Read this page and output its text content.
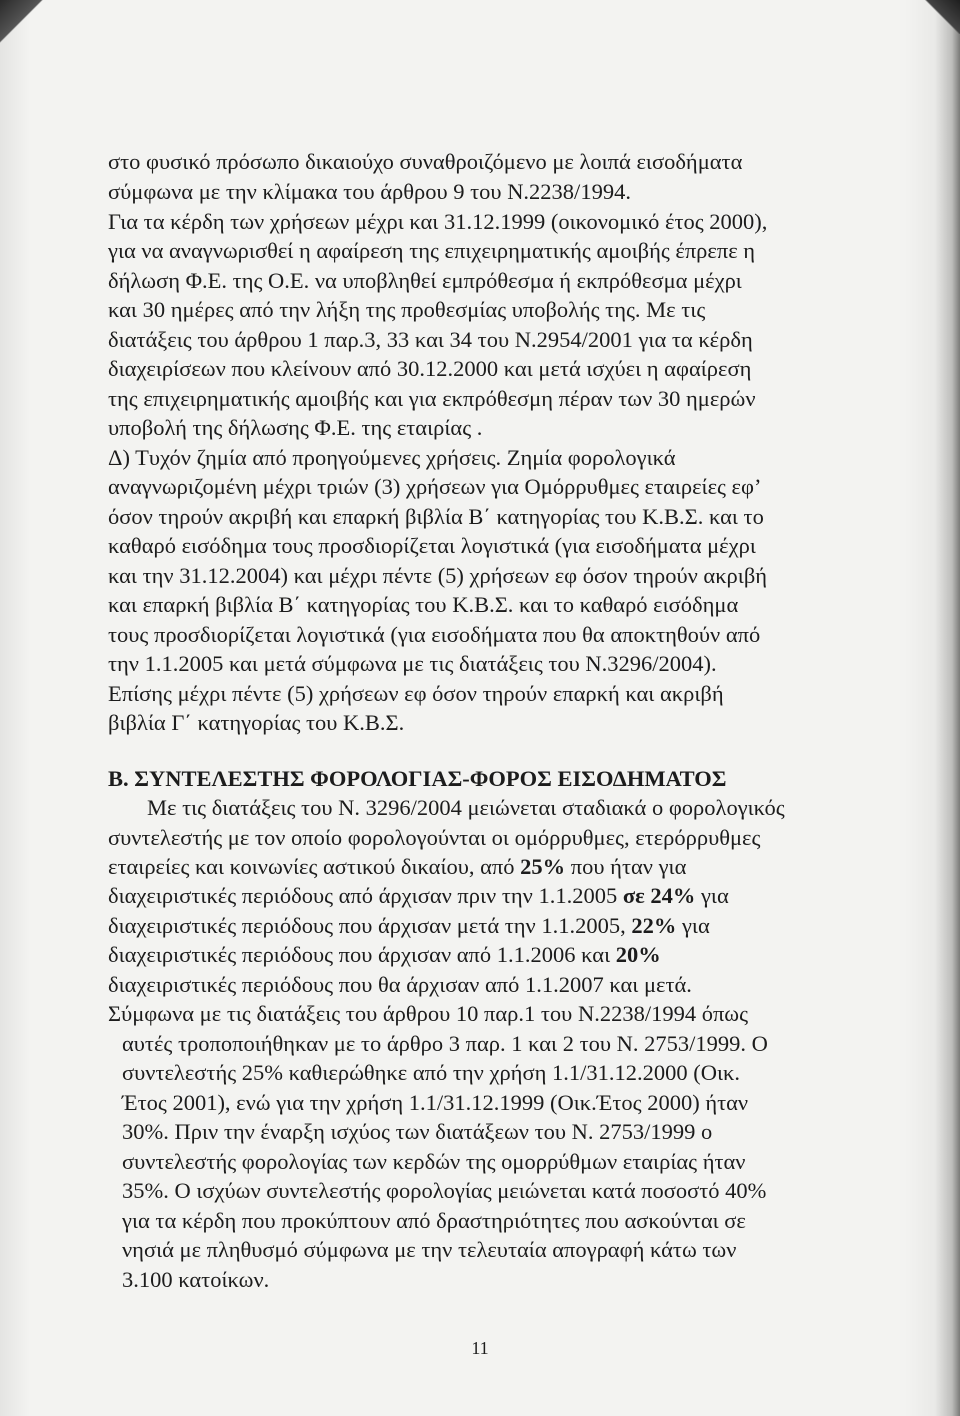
στο φυσικό πρόσωπο δικαιούχο συναθροιζόμενο με λοιπά εισοδήματα
σύμφωνα με την κλίμακα του άρθρου 9 του Ν.2238/1994.
Για τα κέρδη των χρήσεων μέχρι και 31.12.1999 (οικονομικό έτος 2000),
για να αναγνωρισθεί η αφαίρεση της επιχειρηματικής αμοιβής έπρεπε η
δήλωση Φ.Ε. της Ο.Ε. να υποβληθεί εμπρόθεσμα ή εκπρόθεσμα μέχρι
και 30 ημέρες από την λήξη της προθεσμίας υποβολής της. Με τις
διατάξεις του άρθρου 1 παρ.3, 33 και 34 του Ν.2954/2001 για τα κέρδη
διαχειρίσεων που κλείνουν από 30.12.2000 και μετά ισχύει η αφαίρεση
της επιχειρηματικής αμοιβής και για εκπρόθεσμη πέραν των 30 ημερών
υποβολή της δήλωσης Φ.Ε. της εταιρίας .
Δ) Τυχόν ζημία από προηγούμενες χρήσεις. Ζημία φορολογικά
αναγνωριζομένη μέχρι τριών (3) χρήσεων για Ομόρρυθμες εταιρείες εφ’
όσον τηρούν ακριβή και επαρκή βιβλία Β΄ κατηγορίας του Κ.Β.Σ. και το
καθαρό εισόδημα τους προσδιορίζεται λογιστικά (για εισοδήματα μέχρι
και την 31.12.2004) και μέχρι πέντε (5) χρήσεων εφ όσον τηρούν ακριβή
και επαρκή βιβλία Β΄ κατηγορίας του Κ.Β.Σ. και το καθαρό εισόδημα
τους προσδιορίζεται λογιστικά (για εισοδήματα που θα αποκτηθούν από
την 1.1.2005 και μετά σύμφωνα με τις διατάξεις του Ν.3296/2004).
Επίσης μέχρι πέντε (5) χρήσεων εφ όσον τηρούν επαρκή και ακριβή
βιβλία Γ΄ κατηγορίας του Κ.Β.Σ.
Β. ΣΥΝΤΕΛΕΣΤΗΣ ΦΟΡΟΛΟΓΙΑΣ-ΦΟΡΟΣ ΕΙΣΟΔΗΜΑΤΟΣ
Με τις διατάξεις του Ν. 3296/2004 μειώνεται σταδιακά ο φορολογικός
συντελεστής με τον οποίο φορολογούνται οι ομόρρυθμες, ετερόρρυθμες
εταιρείες και κοινωνίες αστικού δικαίου, από 25% που ήταν για
διαχειριστικές περιόδους από άρχισαν πριν την 1.1.2005 σε 24% για
διαχειριστικές περιόδους που άρχισαν μετά την 1.1.2005, 22% για
διαχειριστικές περιόδους που άρχισαν από 1.1.2006 και 20%
διαχειριστικές περιόδους που θα άρχισαν από 1.1.2007 και μετά.
Σύμφωνα με τις διατάξεις του άρθρου 10 παρ.1 του Ν.2238/1994 όπως
αυτές τροποποιήθηκαν με το άρθρο 3 παρ. 1 και 2 του Ν. 2753/1999. Ο
συντελεστής 25% καθιερώθηκε από την χρήση 1.1/31.12.2000 (Οικ.
Έτος 2001), ενώ για την χρήση 1.1/31.12.1999 (Οικ.Έτος 2000) ήταν
30%. Πριν την έναρξη ισχύος των διατάξεων του Ν. 2753/1999 ο
συντελεστής φορολογίας των κερδών της ομορρύθμων εταιρίας ήταν
35%. Ο ισχύων συντελεστής φορολογίας μειώνεται κατά ποσοστό 40%
για τα κέρδη που προκύπτουν από δραστηριότητες που ασκούνται σε
νησιά με πληθυσμό σύμφωνα με την τελευταία απογραφή κάτω των
3.100 κατοίκων.
11
